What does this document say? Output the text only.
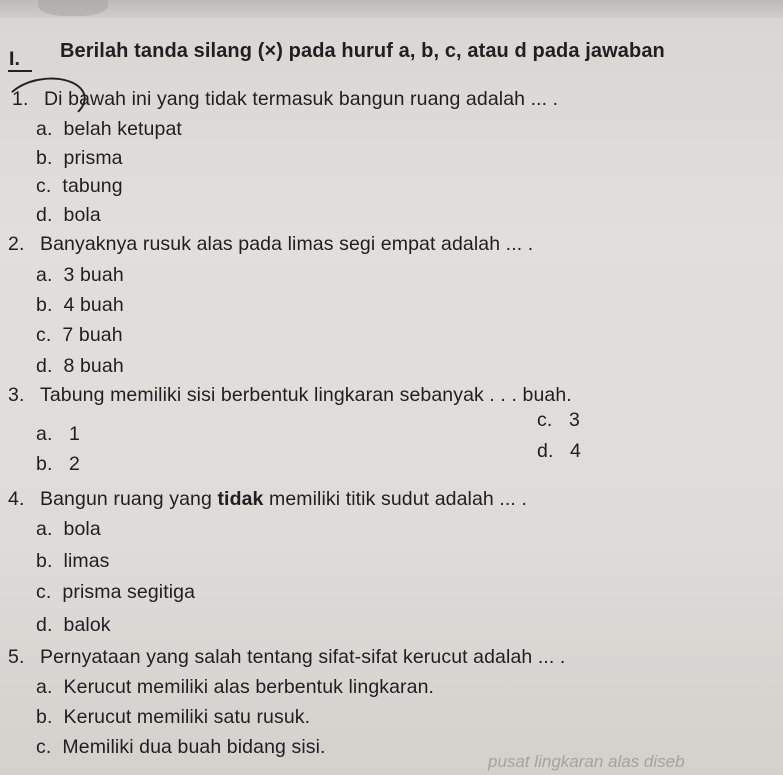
I. Berilah tanda silang (×) pada huruf a, b, c, atau d pada jawaban
1. Di bawah ini yang tidak termasuk bangun ruang adalah ... .
a. belah ketupat
b. prisma
c. tabung
d. bola
2. Banyaknya rusuk alas pada limas segi empat adalah ... .
a. 3 buah
b. 4 buah
c. 7 buah
d. 8 buah
3. Tabung memiliki sisi berbentuk lingkaran sebanyak . . . buah.
a. 1
b. 2
c. 3
d. 4
4. Bangun ruang yang tidak memiliki titik sudut adalah ... .
a. bola
b. limas
c. prisma segitiga
d. balok
5. Pernyataan yang salah tentang sifat-sifat kerucut adalah ... .
a. Kerucut memiliki alas berbentuk lingkaran.
b. Kerucut memiliki satu rusuk.
c. Memiliki dua buah bidang sisi.
pusat lingkaran alas diseb
